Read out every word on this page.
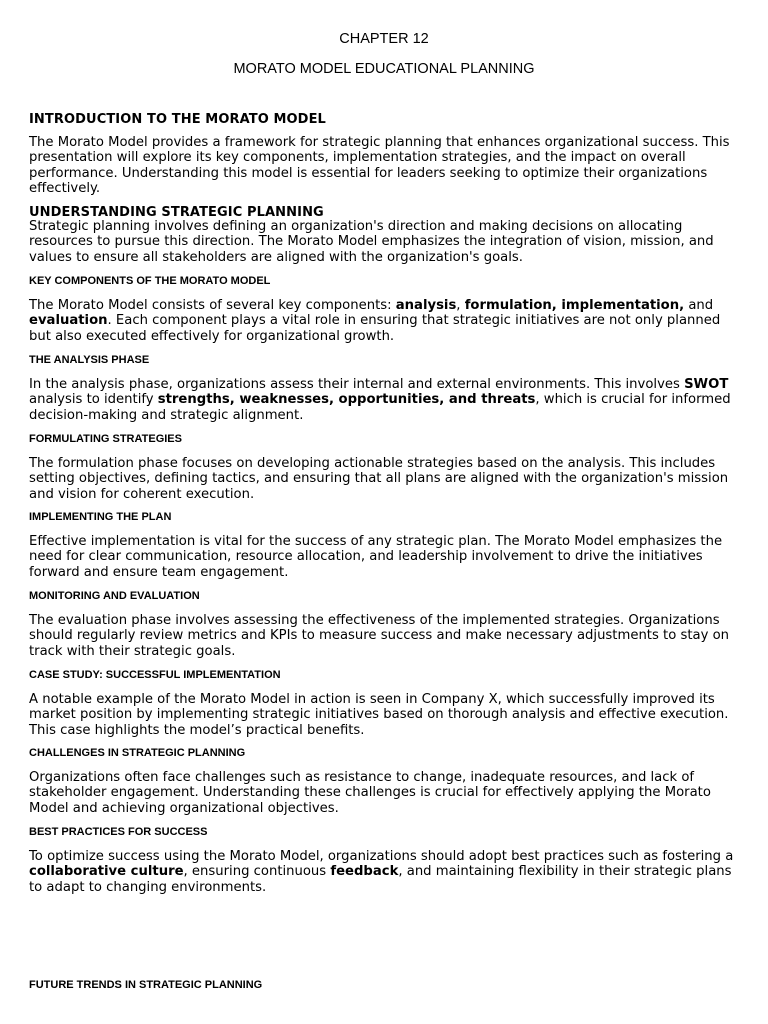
CHAPTER 12
MORATO MODEL EDUCATIONAL PLANNING
INTRODUCTION TO THE MORATO MODEL
The Morato Model provides a framework for strategic planning that enhances organizational success. This presentation will explore its key components, implementation strategies, and the impact on overall performance. Understanding this model is essential for leaders seeking to optimize their organizations effectively.
UNDERSTANDING STRATEGIC PLANNING
Strategic planning involves defining an organization's direction and making decisions on allocating resources to pursue this direction. The Morato Model emphasizes the integration of vision, mission, and values to ensure all stakeholders are aligned with the organization's goals.
KEY COMPONENTS OF THE MORATO MODEL
The Morato Model consists of several key components: analysis, formulation, implementation, and evaluation. Each component plays a vital role in ensuring that strategic initiatives are not only planned but also executed effectively for organizational growth.
THE ANALYSIS PHASE
In the analysis phase, organizations assess their internal and external environments. This involves SWOT analysis to identify strengths, weaknesses, opportunities, and threats, which is crucial for informed decision-making and strategic alignment.
FORMULATING STRATEGIES
The formulation phase focuses on developing actionable strategies based on the analysis. This includes setting objectives, defining tactics, and ensuring that all plans are aligned with the organization's mission and vision for coherent execution.
IMPLEMENTING THE PLAN
Effective implementation is vital for the success of any strategic plan. The Morato Model emphasizes the need for clear communication, resource allocation, and leadership involvement to drive the initiatives forward and ensure team engagement.
MONITORING AND EVALUATION
The evaluation phase involves assessing the effectiveness of the implemented strategies. Organizations should regularly review metrics and KPIs to measure success and make necessary adjustments to stay on track with their strategic goals.
CASE STUDY: SUCCESSFUL IMPLEMENTATION
A notable example of the Morato Model in action is seen in Company X, which successfully improved its market position by implementing strategic initiatives based on thorough analysis and effective execution. This case highlights the model’s practical benefits.
CHALLENGES IN STRATEGIC PLANNING
Organizations often face challenges such as resistance to change, inadequate resources, and lack of stakeholder engagement. Understanding these challenges is crucial for effectively applying the Morato Model and achieving organizational objectives.
BEST PRACTICES FOR SUCCESS
To optimize success using the Morato Model, organizations should adopt best practices such as fostering a collaborative culture, ensuring continuous feedback, and maintaining flexibility in their strategic plans to adapt to changing environments.
FUTURE TRENDS IN STRATEGIC PLANNING
